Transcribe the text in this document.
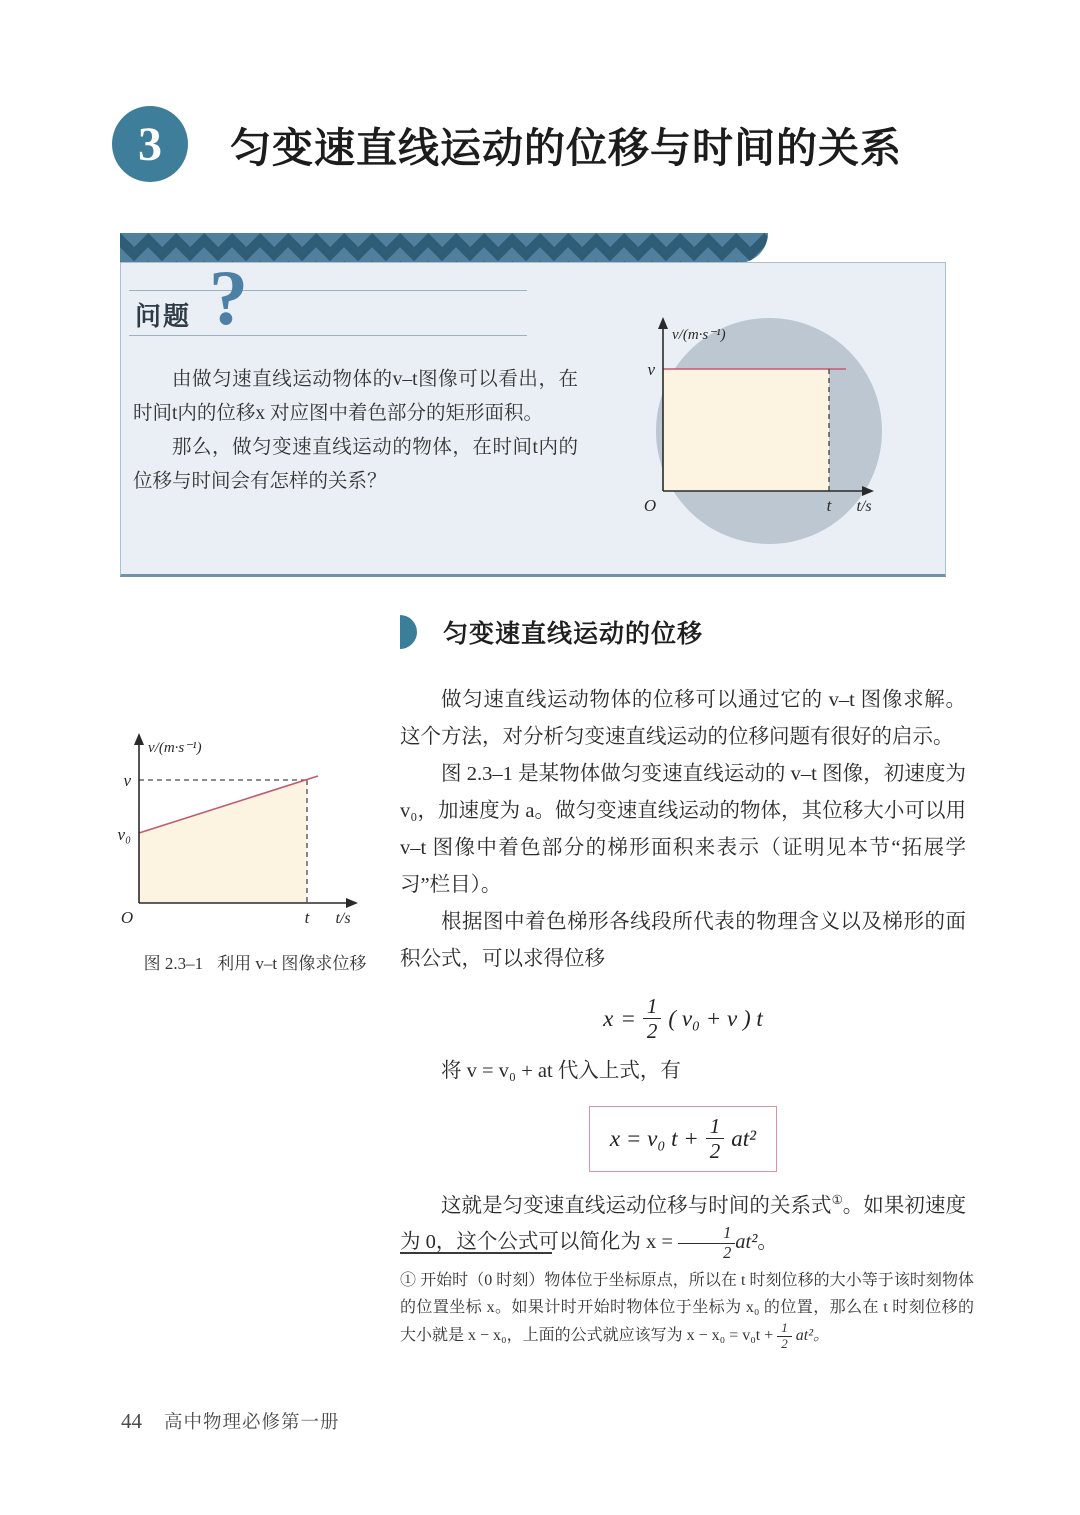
3 匀变速直线运动的位移与时间的关系
问题 ?

由做匀速直线运动物体的v–t图像可以看出，在时间t内的位移x 对应图中着色部分的矩形面积。

那么，做匀变速直线运动的物体，在时间t内的位移与时间会有怎样的关系？

v/(m·s⁻¹)
v
O	t t/s
v/(m·s⁻¹)
v
v₀
O	t t/s
图 2.3–1 利用 v–t 图像求位移
匀变速直线运动的位移

做匀速直线运动物体的位移可以通过它的 v–t 图像求解。这个方法，对分析匀变速直线运动的位移问题有很好的启示。

图 2.3–1 是某物体做匀变速直线运动的 v–t 图像，初速度为 v₀，加速度为 a。做匀变速直线运动的物体，其位移大小可以用 v–t 图像中着色部分的梯形面积来表示（证明见本节“拓展学习”栏目）。

根据图中着色梯形各线段所代表的物理含义以及梯形的面积公式，可以求得位移

$x = \frac{1}{2}$ ( v₀ + v ) t

将 v = v₀ + at 代入上式，有

x = v₀ $t + \frac{1}{2} at^2$

这就是匀变速直线运动位移与时间的关系式①。如果初速度为 0，这个公式可以简化为 $x = \frac{1}{2} at^2$。

① 开始时（0 时刻）物体位于坐标原点，所以在 t 时刻位移的大小等于该时刻物体的位置坐标 x。如果计时开始时物体位于坐标为 x₀ 的位置，那么在 t 时刻位移的大小就是 x − x₀，上面的公式就应该写为 $x - x_0 = v_0t + \frac{1}{2} at^2$。

44 高中物理必修第一册
